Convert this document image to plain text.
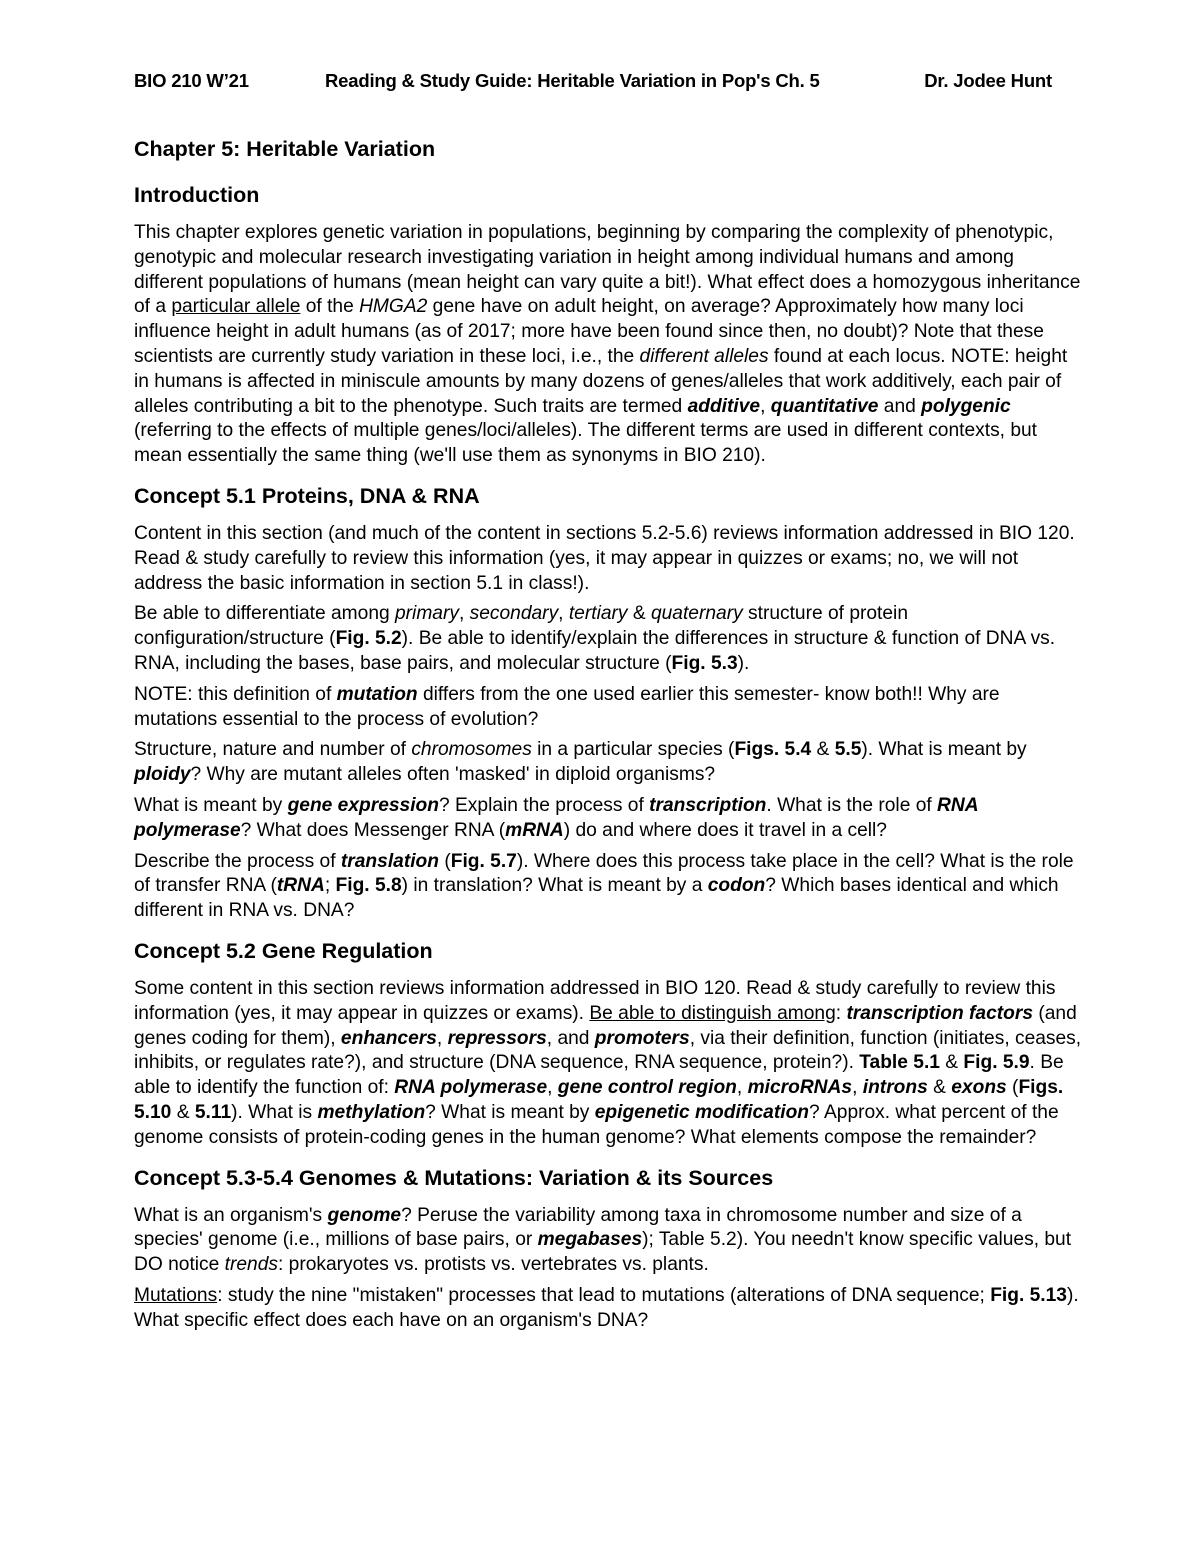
BIO 210 W’21	Reading & Study Guide: Heritable Variation in Pop's Ch. 5	Dr. Jodee Hunt
Chapter 5: Heritable Variation
Introduction

This chapter explores genetic variation in populations, beginning by comparing the complexity of phenotypic, genotypic and molecular research investigating variation in height among individual humans and among different populations of humans (mean height can vary quite a bit!). What effect does a homozygous inheritance of a particular allele of the HMGA2 gene have on adult height, on average? Approximately how many loci influence height in adult humans (as of 2017; more have been found since then, no doubt)? Note that these scientists are currently study variation in these loci, i.e., the different alleles found at each locus. NOTE: height in humans is affected in miniscule amounts by many dozens of genes/alleles that work additively, each pair of alleles contributing a bit to the phenotype. Such traits are termed additive, quantitative and polygenic (referring to the effects of multiple genes/loci/alleles). The different terms are used in different contexts, but mean essentially the same thing (we'll use them as synonyms in BIO 210).

Concept 5.1 Proteins, DNA & RNA

Content in this section (and much of the content in sections 5.2-5.6) reviews information addressed in BIO 120. Read & study carefully to review this information (yes, it may appear in quizzes or exams; no, we will not address the basic information in section 5.1 in class!).

Be able to differentiate among primary, secondary, tertiary & quaternary structure of protein configuration/structure (Fig. 5.2). Be able to identify/explain the differences in structure & function of DNA vs. RNA, including the bases, base pairs, and molecular structure (Fig. 5.3).

NOTE: this definition of mutation differs from the one used earlier this semester- know both!! Why are mutations essential to the process of evolution?

Structure, nature and number of chromosomes in a particular species (Figs. 5.4 & 5.5). What is meant by ploidy? Why are mutant alleles often 'masked' in diploid organisms?

What is meant by gene expression? Explain the process of transcription. What is the role of RNA polymerase? What does Messenger RNA (mRNA) do and where does it travel in a cell?

Describe the process of translation (Fig. 5.7). Where does this process take place in the cell? What is the role of transfer RNA (tRNA; Fig. 5.8) in translation? What is meant by a codon? Which bases identical and which different in RNA vs. DNA?

Concept 5.2 Gene Regulation

Some content in this section reviews information addressed in BIO 120. Read & study carefully to review this information (yes, it may appear in quizzes or exams). Be able to distinguish among: transcription factors (and genes coding for them), enhancers, repressors, and promoters, via their definition, function (initiates, ceases, inhibits, or regulates rate?), and structure (DNA sequence, RNA sequence, protein?). Table 5.1 & Fig. 5.9. Be able to identify the function of: RNA polymerase, gene control region, microRNAs, introns & exons (Figs. 5.10 & 5.11). What is methylation? What is meant by epigenetic modification? Approx. what percent of the genome consists of protein-coding genes in the human genome? What elements compose the remainder?

Concept 5.3-5.4 Genomes & Mutations: Variation & its Sources

What is an organism's genome? Peruse the variability among taxa in chromosome number and size of a species' genome (i.e., millions of base pairs, or megabases); Table 5.2). You needn't know specific values, but DO notice trends: prokaryotes vs. protists vs. vertebrates vs. plants.

Mutations: study the nine "mistaken" processes that lead to mutations (alterations of DNA sequence; Fig. 5.13). What specific effect does each have on an organism's DNA?
